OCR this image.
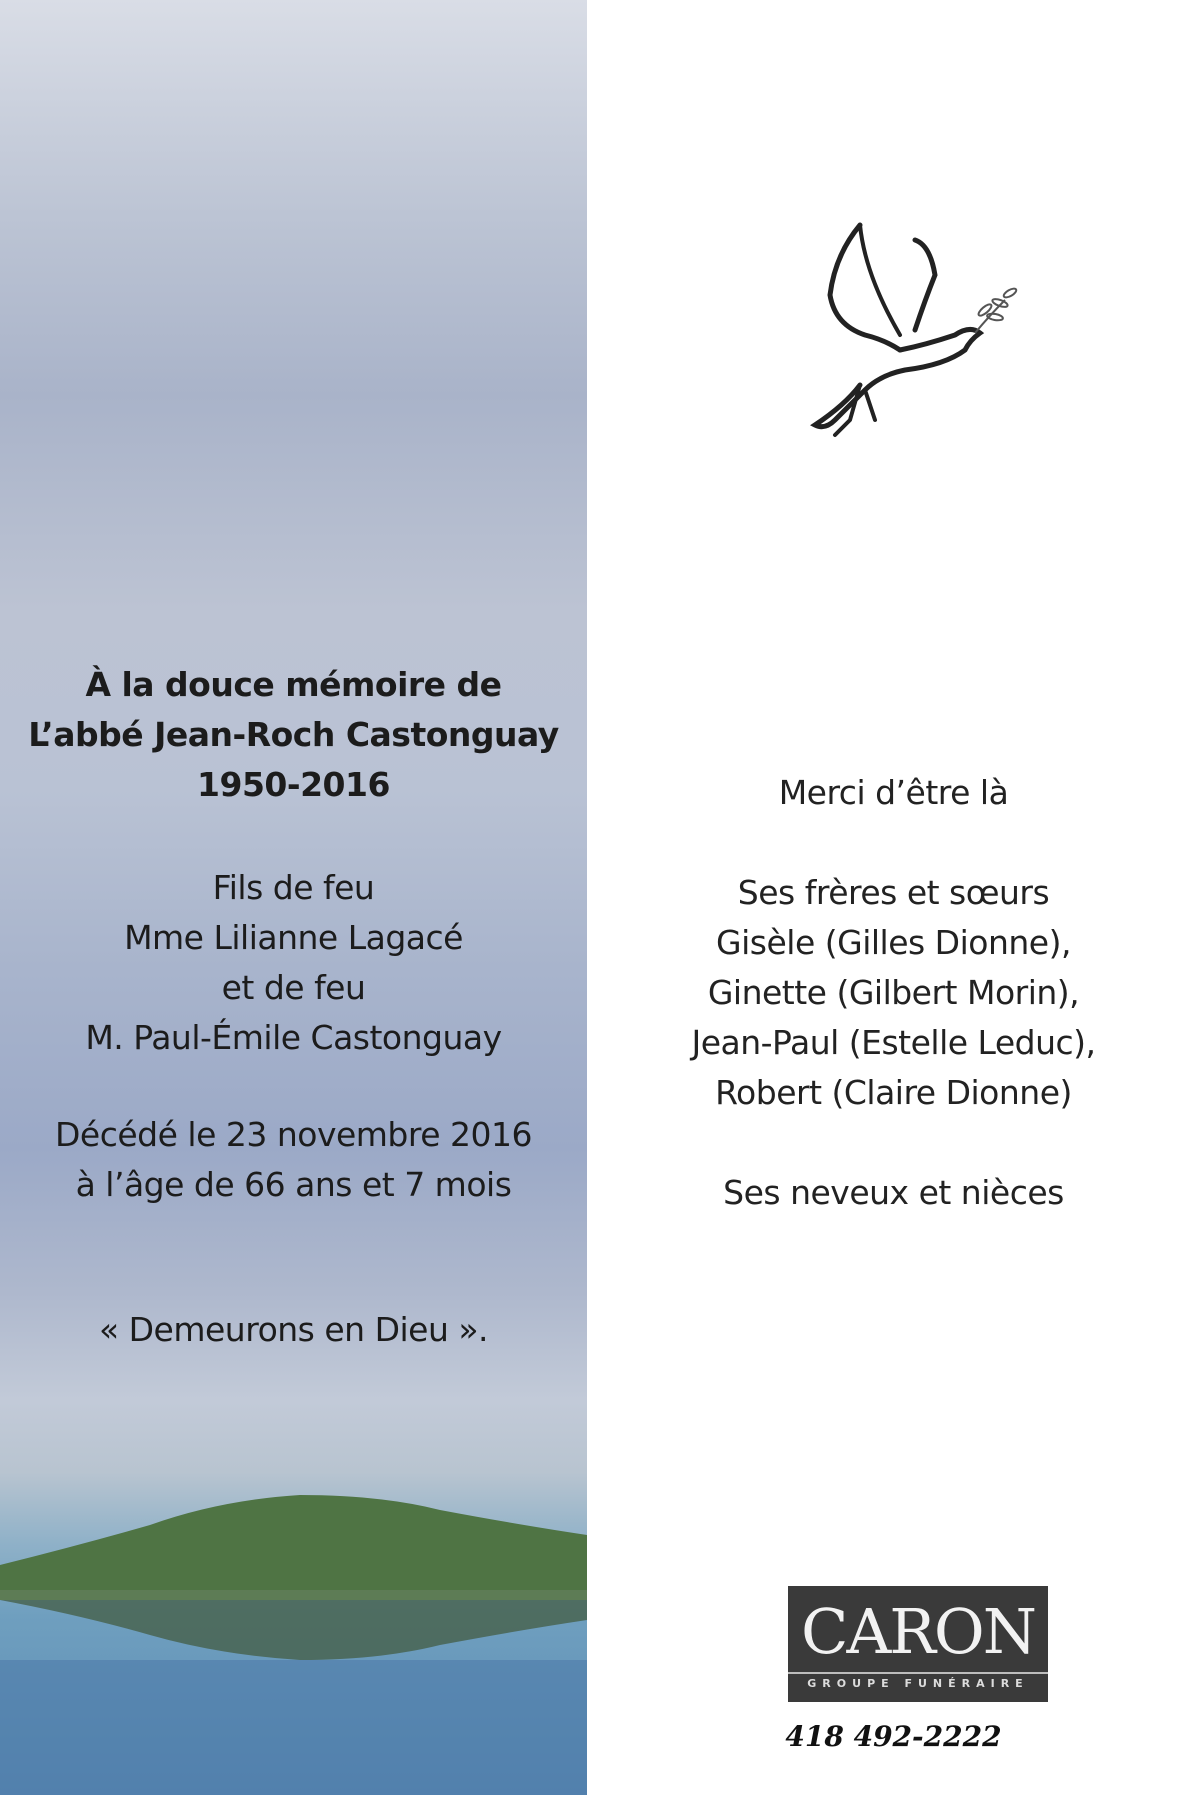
À la douce mémoire de
L’abbé Jean-Roch Castonguay
1950-2016
Fils de feu
Mme Lilianne Lagacé
et de feu
M. Paul-Émile Castonguay
Décédé le 23 novembre 2016
à l’âge de 66 ans et 7 mois
« Demeurons en Dieu ».
Merci d’être là
Ses frères et sœurs
Gisèle (Gilles Dionne),
Ginette (Gilbert Morin),
Jean-Paul (Estelle Leduc),
Robert (Claire Dionne)
Ses neveux et nièces
CARON
GROUPE FUNÉRAIRE
418 492-2222
